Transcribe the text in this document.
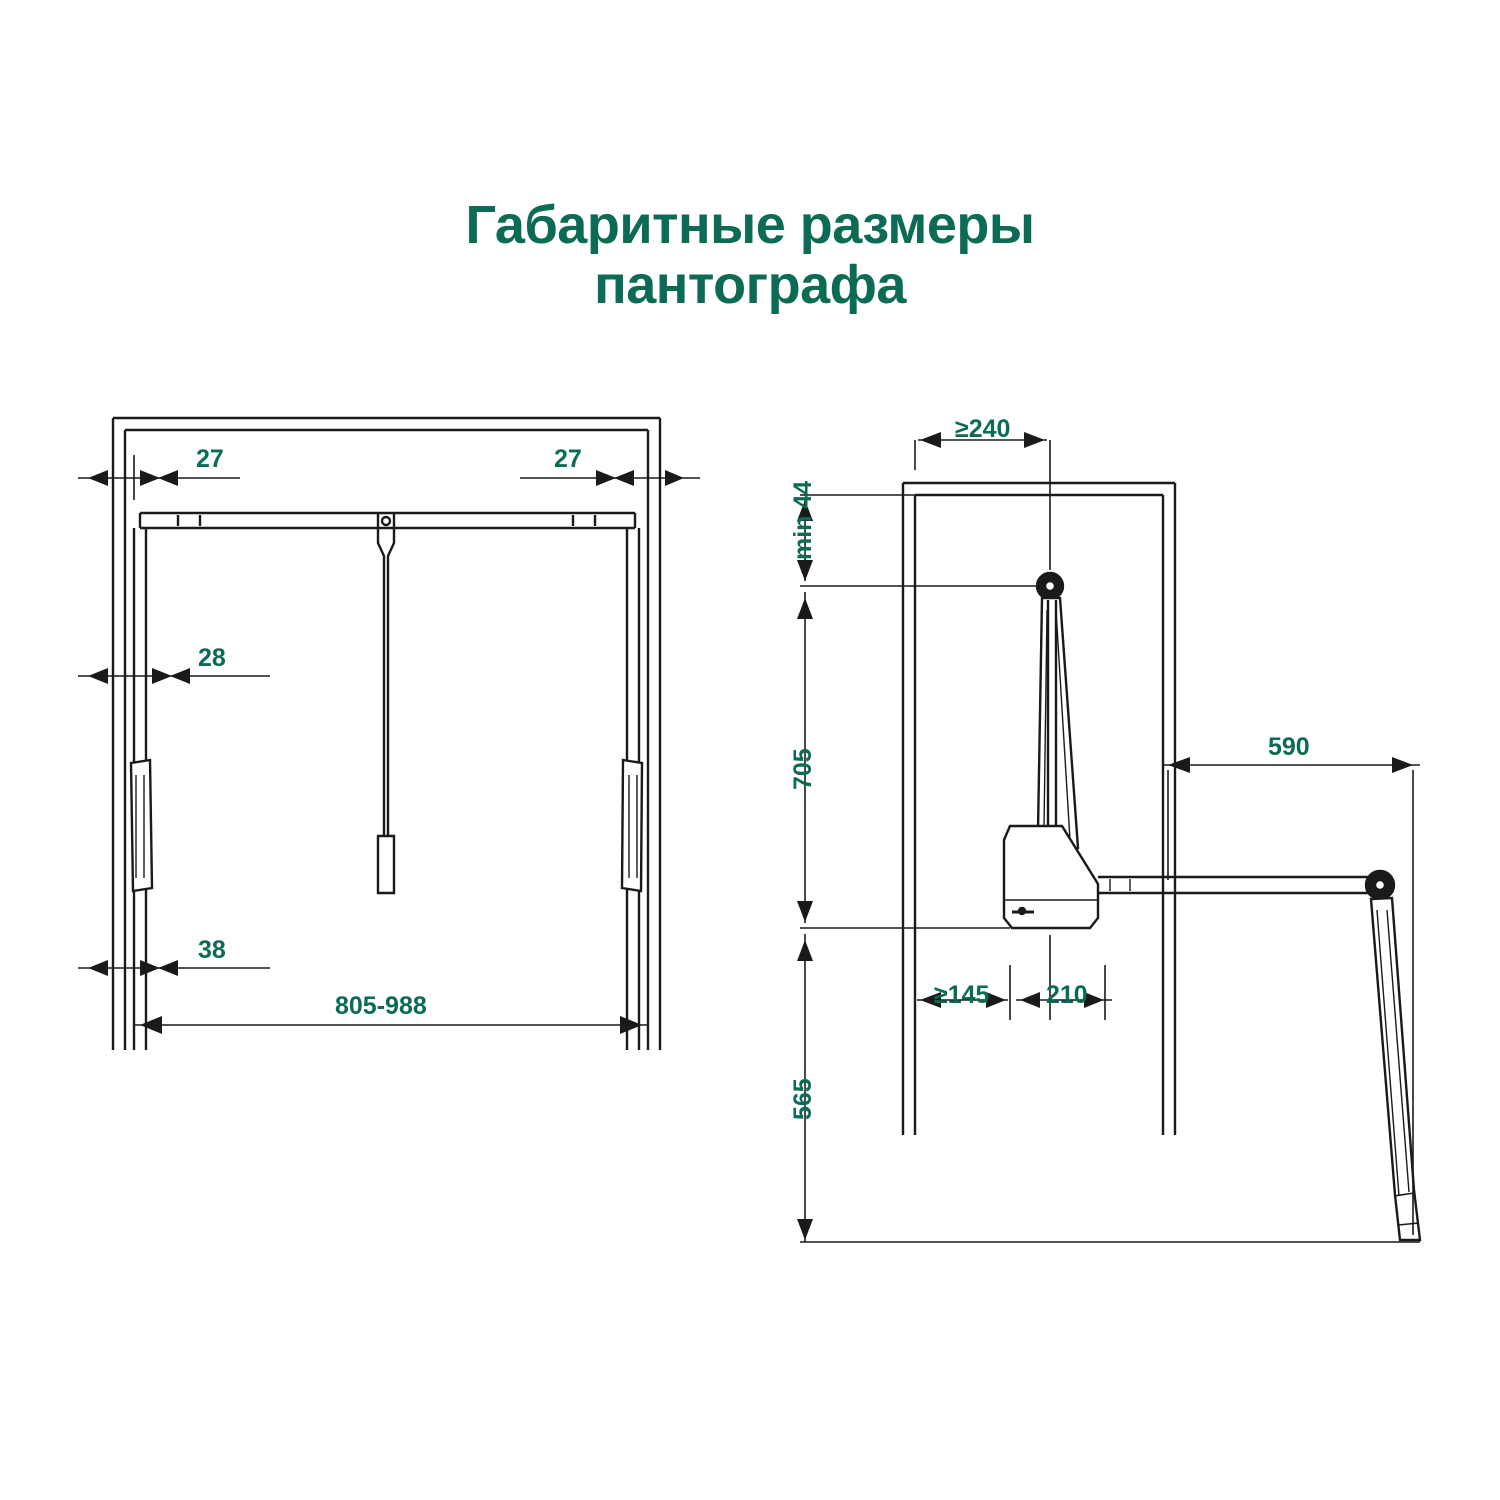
Габаритные размеры
пантографа
27	27
28
38
805-988
≥240
min 44
705
565
590
≥145 210
